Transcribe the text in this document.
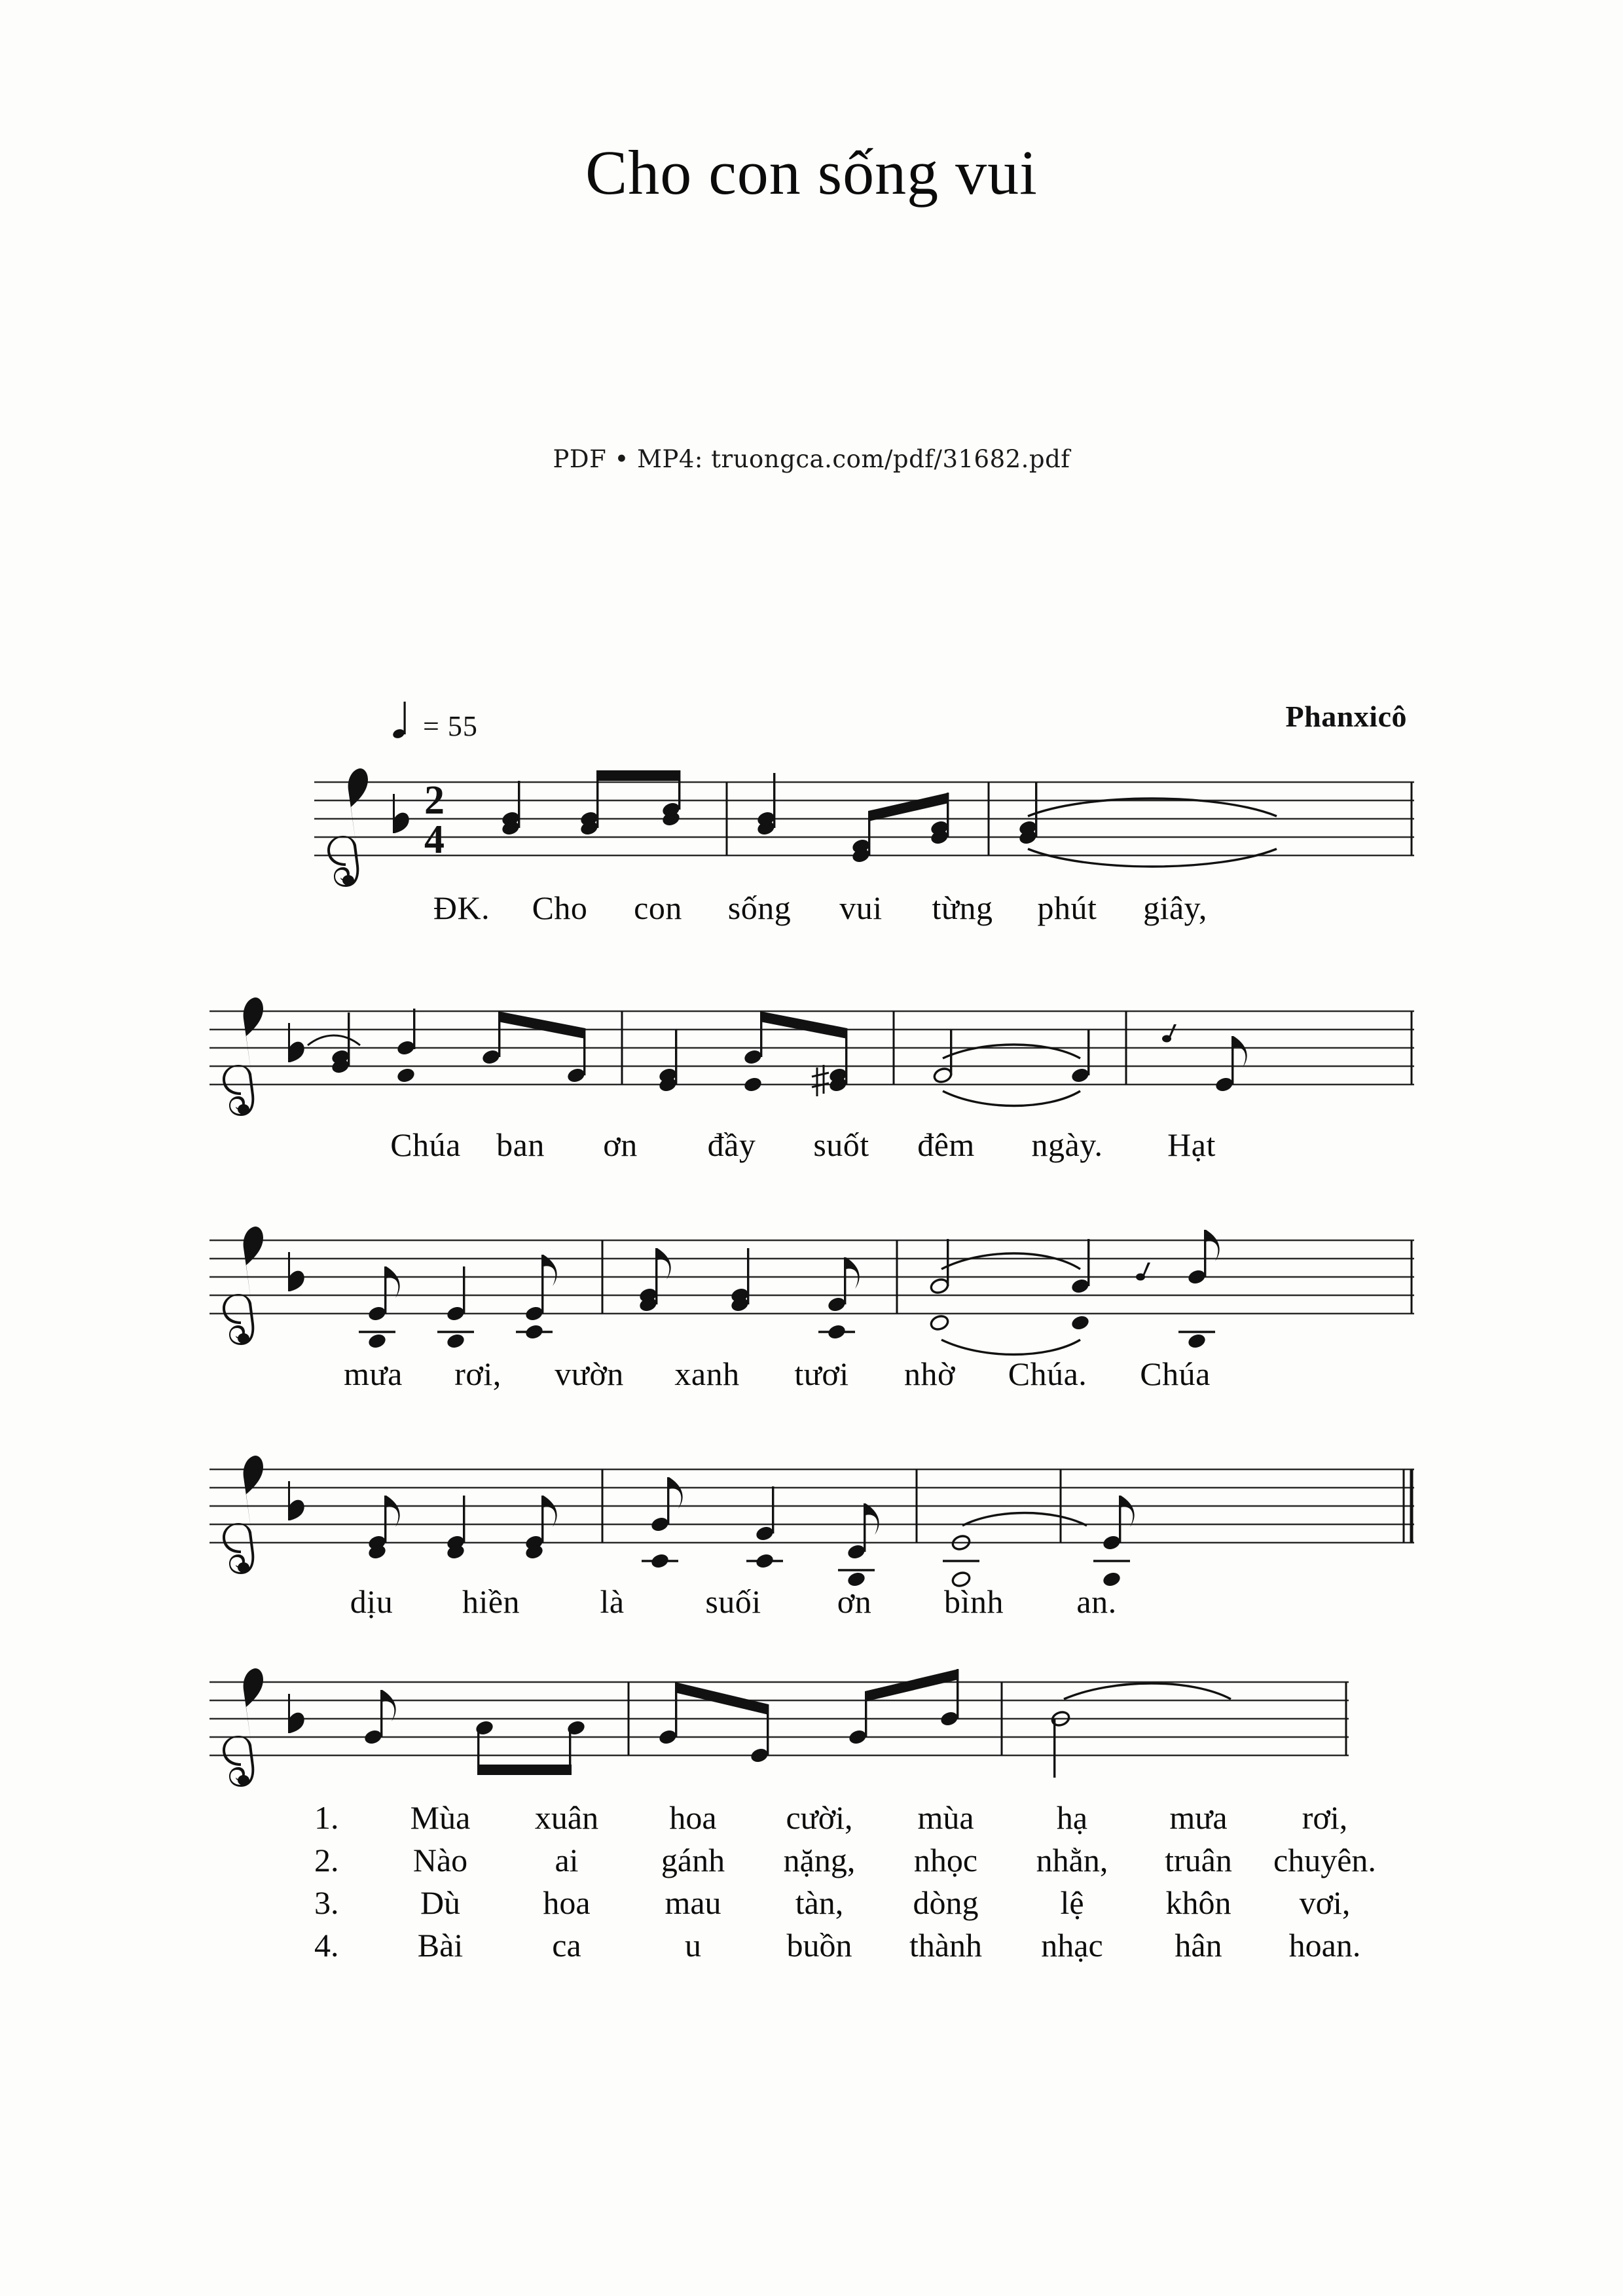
Cho con sống vui
PDF • MP4: truongca.com/pdf/31682.pdf
= 55	Phanxicô
2
4
ĐK. Cho con sống vui từng phút giây,
Chúa ban ơn đầy suốt đêm ngày. Hạt
mưa rơi, vườn xanh tươi nhờ Chúa. Chúa
dịu hiền là suối ơn bình an.
1.	Mùa	xuân	hoa	cười,	mùa	hạ	mưa	rơi,
2.	Nào	ai	gánh	nặng,	nhọc	nhằn,	truân	chuyên.
3.	Dù	hoa	mau	tàn,	dòng	lệ	khôn	vơi,
4.	Bài	ca	u	buồn	thành	nhạc	hân	hoan.
